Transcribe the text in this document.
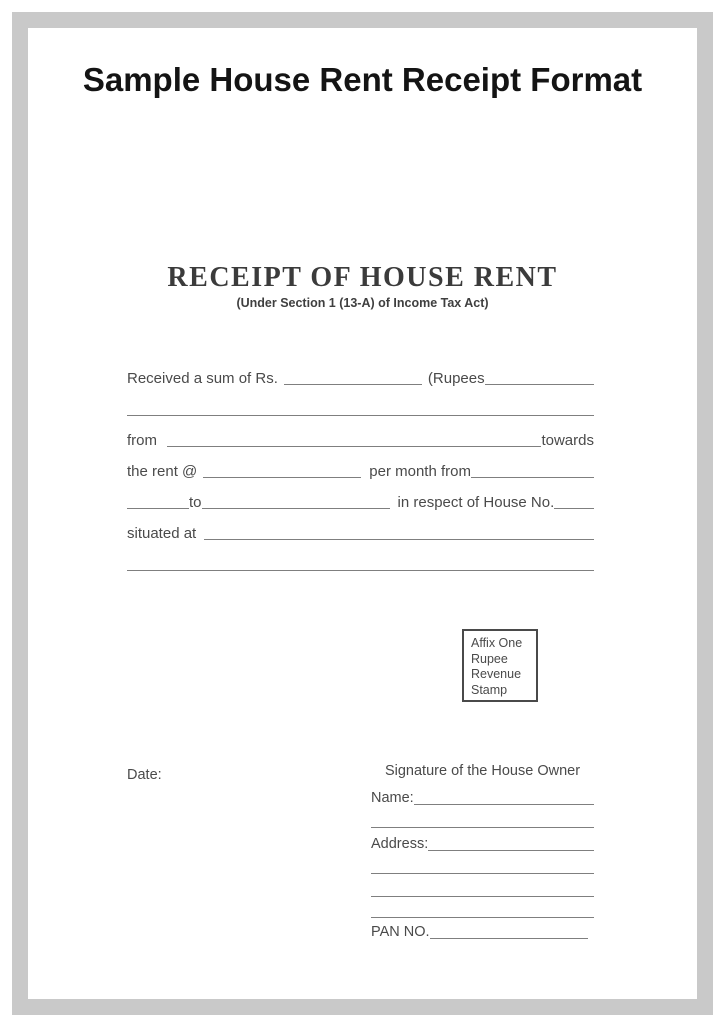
Sample House Rent Receipt Format
RECEIPT OF HOUSE RENT
(Under Section 1 (13-A) of Income Tax Act)
Received a sum of Rs.	(Rupees
from	towards
the rent @	per month from
to	in respect of House No.
situated at
Affix One
Rupee
Revenue
Stamp
Date:	Signature of the House Owner
Name:
Address:
PAN NO.
